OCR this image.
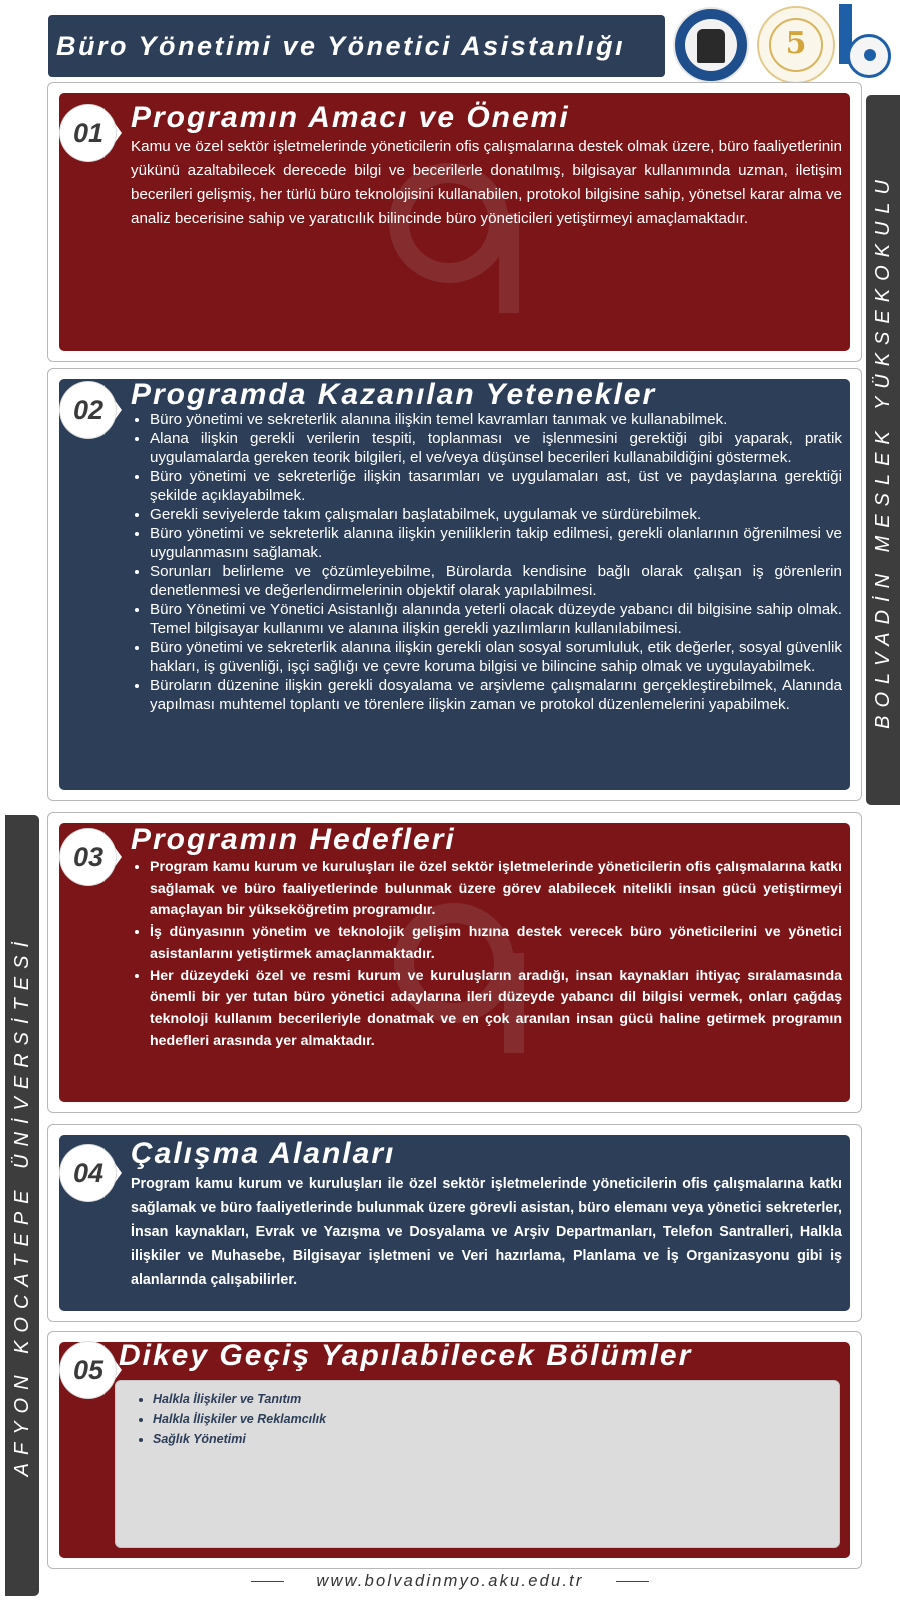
Büro Yönetimi ve Yönetici Asistanlığı	5
BOLVADİN MESLEK YÜKSEKOKULU
AFYON KOCATEPE ÜNİVERSİTESİ
Programın Amacı ve Önemi
Kamu ve özel sektör işletmelerinde yöneticilerin ofis çalışmalarına destek olmak üzere, büro faaliyetlerinin yükünü azaltabilecek derecede bilgi ve becerilerle donatılmış, bilgisayar kullanımında uzman, iletişim becerileri gelişmiş, her türlü büro teknolojisini kullanabilen, protokol bilgisine sahip, yönetsel karar alma ve analiz becerisine sahip ve yaratıcılık bilincinde büro yöneticileri yetiştirmeyi amaçlamaktadır.
01
Programda Kazanılan Yetenekler
• Büro yönetimi ve sekreterlik alanına ilişkin temel kavramları tanımak ve kullanabilmek.
• Alana ilişkin gerekli verilerin tespiti, toplanması ve işlenmesini gerektiği gibi yaparak, pratik uygulamalarda gereken teorik bilgileri, el ve/veya düşünsel becerileri kullanabildiğini göstermek.
• Büro yönetimi ve sekreterliğe ilişkin tasarımları ve uygulamaları ast, üst ve paydaşlarına gerektiği şekilde açıklayabilmek.
• Gerekli seviyelerde takım çalışmaları başlatabilmek, uygulamak ve sürdürebilmek.
• Büro yönetimi ve sekreterlik alanına ilişkin yeniliklerin takip edilmesi, gerekli olanlarının öğrenilmesi ve uygulanmasını sağlamak.
• Sorunları belirleme ve çözümleyebilme, Bürolarda kendisine bağlı olarak çalışan iş görenlerin denetlenmesi ve değerlendirmelerinin objektif olarak yapılabilmesi.
• Büro Yönetimi ve Yönetici Asistanlığı alanında yeterli olacak düzeyde yabancı dil bilgisine sahip olmak. Temel bilgisayar kullanımı ve alanına ilişkin gerekli yazılımların kullanılabilmesi.
• Büro yönetimi ve sekreterlik alanına ilişkin gerekli olan sosyal sorumluluk, etik değerler, sosyal güvenlik hakları, iş güvenliği, işçi sağlığı ve çevre koruma bilgisi ve bilincine sahip olmak ve uygulayabilmek.
• Büroların düzenine ilişkin gerekli dosyalama ve arşivleme çalışmalarını gerçekleştirebilmek, Alanında yapılması muhtemel toplantı ve törenlere ilişkin zaman ve protokol düzenlemelerini yapabilmek.
02
Programın Hedefleri
• Program kamu kurum ve kuruluşları ile özel sektör işletmelerinde yöneticilerin ofis çalışmalarına katkı sağlamak ve büro faaliyetlerinde bulunmak üzere görev alabilecek nitelikli insan gücü yetiştirmeyi amaçlayan bir yükseköğretim programıdır.
• İş dünyasının yönetim ve teknolojik gelişim hızına destek verecek büro yöneticilerini ve yönetici asistanlarını yetiştirmek amaçlanmaktadır.
• Her düzeydeki özel ve resmi kurum ve kuruluşların aradığı, insan kaynakları ihtiyaç sıralamasında önemli bir yer tutan büro yönetici adaylarına ileri düzeyde yabancı dil bilgisi vermek, onları çağdaş teknoloji kullanım becerileriyle donatmak ve en çok aranılan insan gücü haline getirmek programın hedefleri arasında yer almaktadır.
03
Çalışma Alanları
Program kamu kurum ve kuruluşları ile özel sektör işletmelerinde yöneticilerin ofis çalışmalarına katkı sağlamak ve büro faaliyetlerinde bulunmak üzere görevli asistan, büro elemanı veya yönetici sekreterler, İnsan kaynakları, Evrak ve Yazışma ve Dosyalama ve Arşiv Departmanları, Telefon Santralleri, Halkla ilişkiler ve Muhasebe, Bilgisayar işletmeni ve Veri hazırlama, Planlama ve İş Organizasyonu gibi iş alanlarında çalışabilirler.
04
Dikey Geçiş Yapılabilecek Bölümler
• Halkla İlişkiler ve Tanıtım
• Halkla İlişkiler ve Reklamcılık
• Sağlık Yönetimi
05
www.bolvadinmyo.aku.edu.tr
